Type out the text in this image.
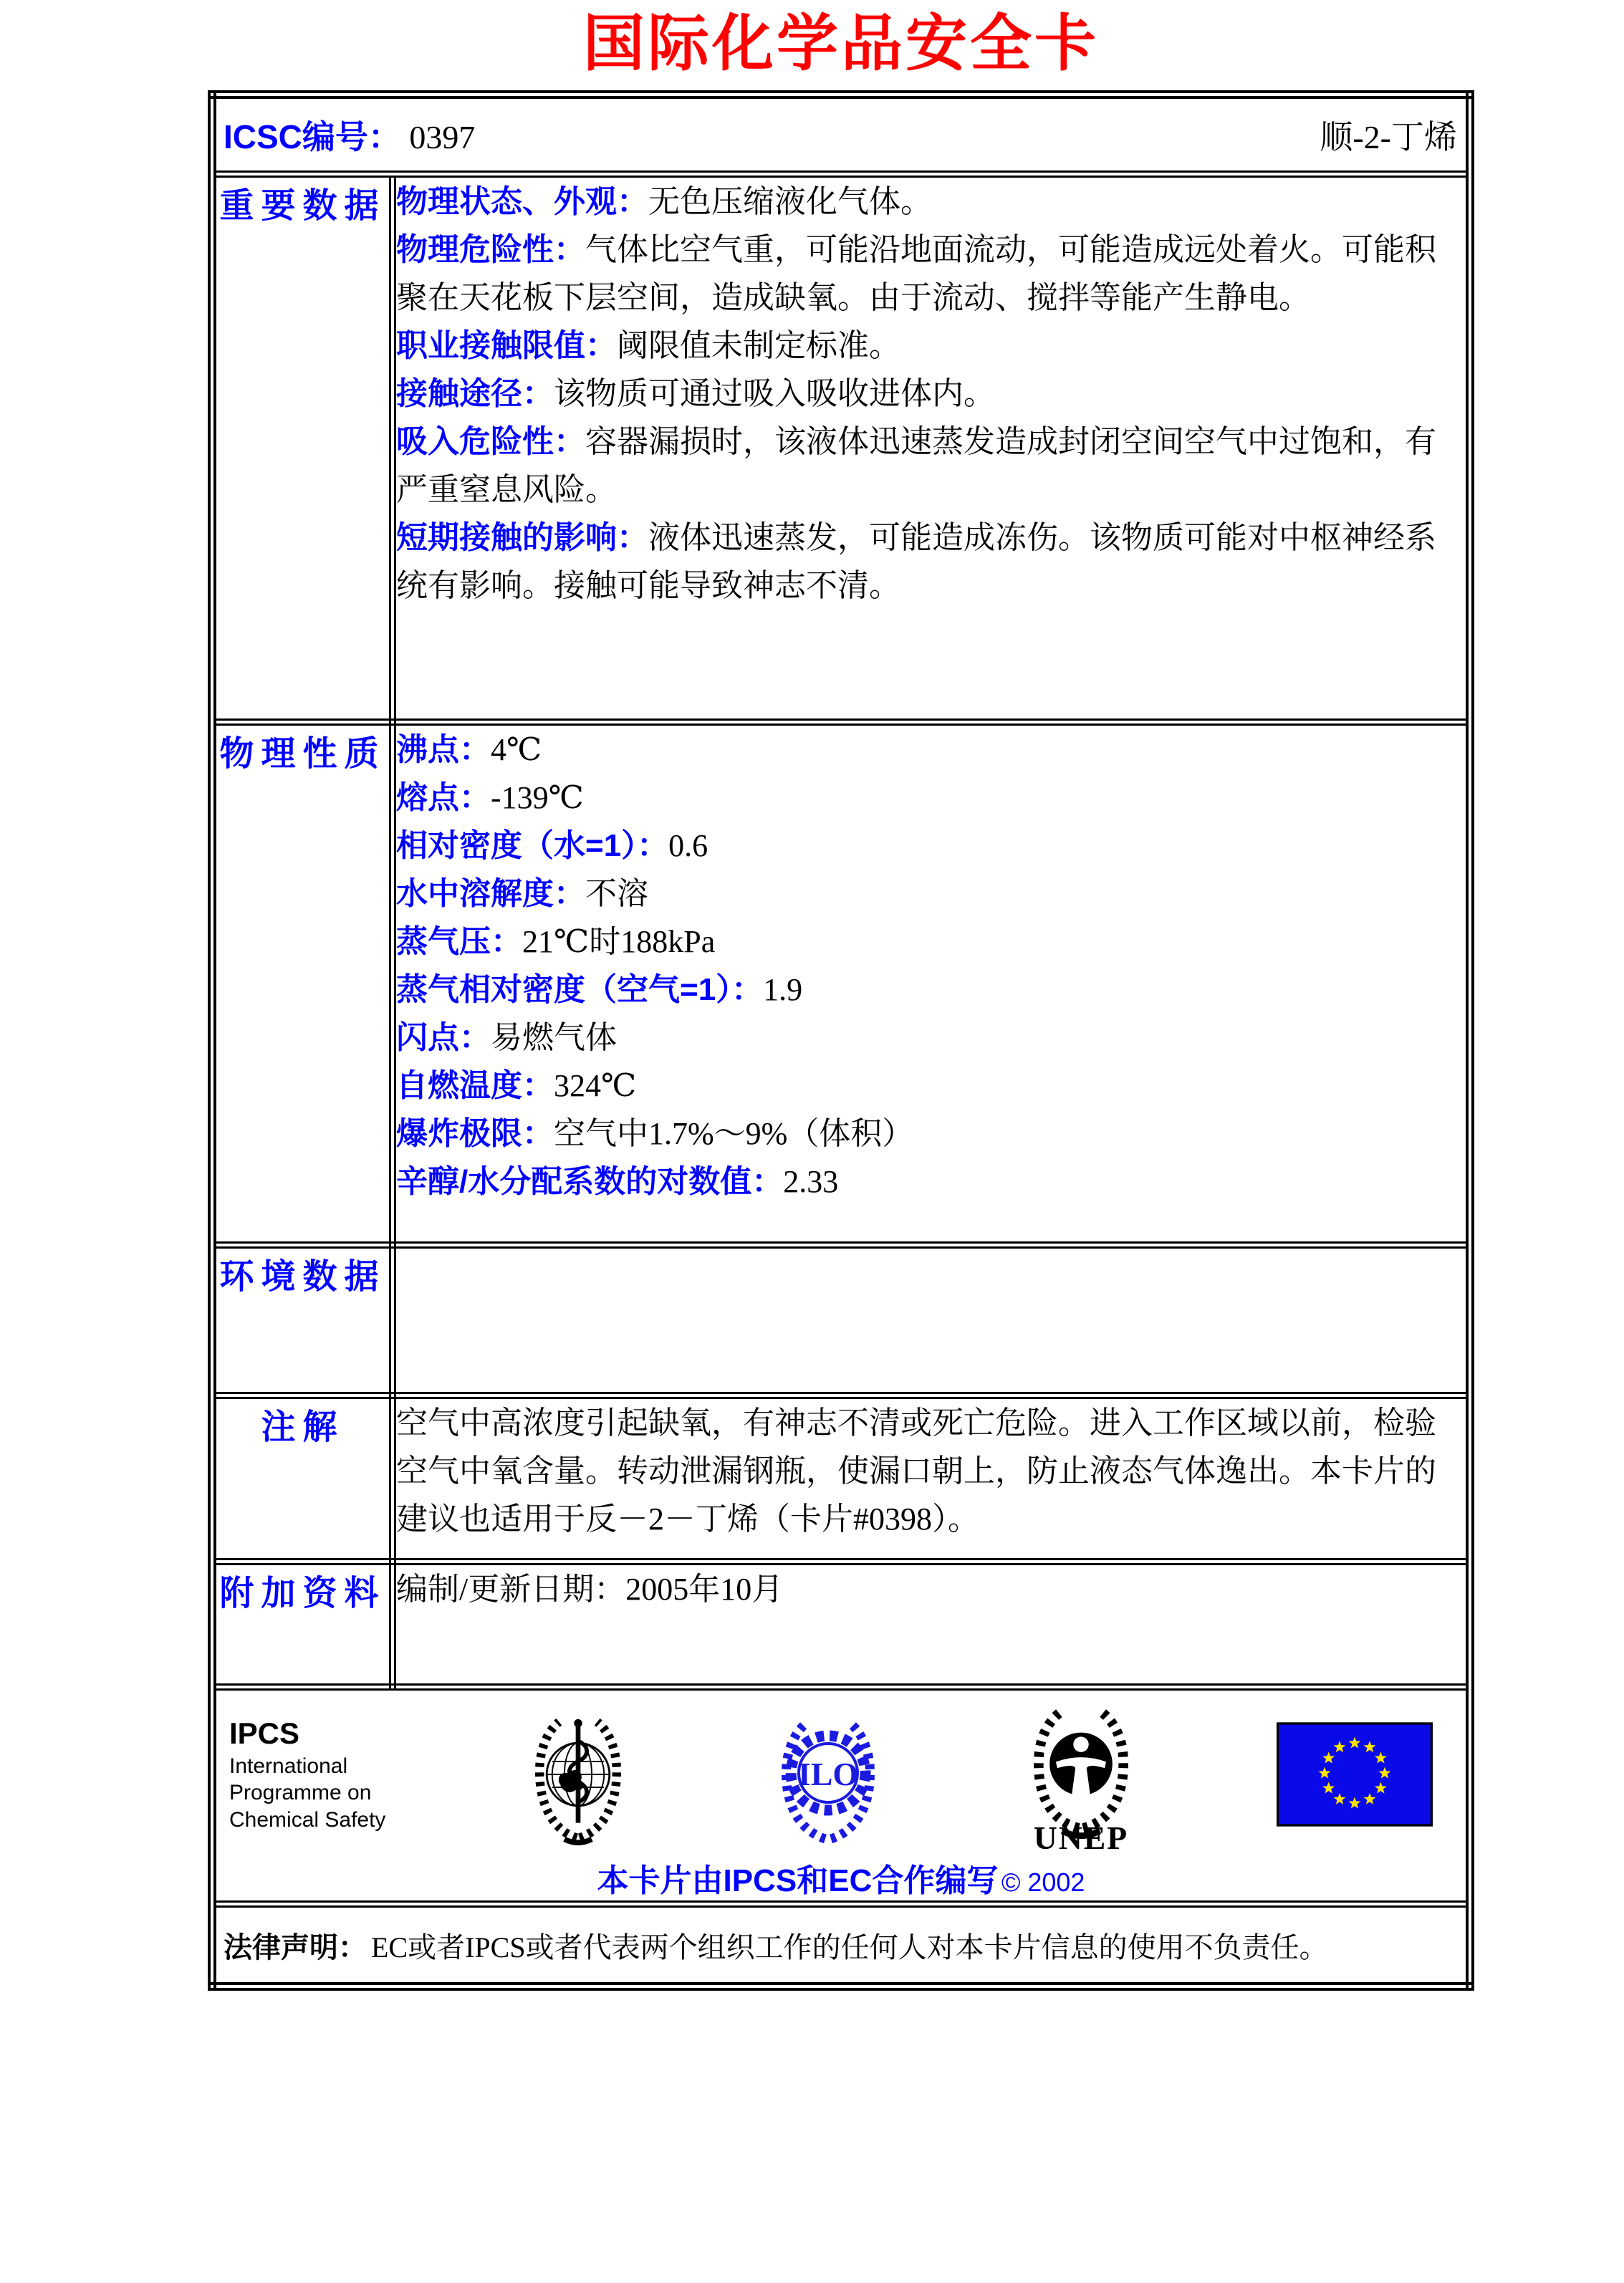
国际化学品安全卡
ICSC编号： 0397 顺-2-丁烯	

重要数据	物理状态、外观：无色压缩液化气体。

物理危险性：气体比空气重，可能沿地面流动，可能造成远处着火。可能积聚在天花板下层空间，造成缺氧。由于流动、搅拌等能产生静电。

职业接触限值：阈限值未制定标准。

接触途径：该物质可通过吸入吸收进体内。

吸入危险性：容器漏损时，该液体迅速蒸发造成封闭空间空气中过饱和，有严重窒息风险。

短期接触的影响：液体迅速蒸发，可能造成冻伤。该物质可能对中枢神经系统有影响。接触可能导致神志不清。

物理性质	沸点：4℃

熔点：-139℃

相对密度（水=1）：0.6

水中溶解度：不溶

蒸气压：21℃时188kPa

蒸气相对密度（空气=1）：1.9

闪点：易燃气体

自燃温度：324℃

爆炸极限：空气中1.7%～9%（体积）

辛醇/水分配系数的对数值：2.33

环境数据	

注解	空气中高浓度引起缺氧，有神志不清或死亡危险。进入工作区域以前，检验空气中氧含量。转动泄漏钢瓶，使漏口朝上，防止液态气体逸出。本卡片的建议也适用于反－2－丁烯（卡片#0398）。

附加资料	编制/更新日期：2005年10月

IPCS
International
Programme on
Chemical Safety
ILO
UNEP
本卡片由IPCS和EC合作编写 © 2002

法律声明： EC或者IPCS或者代表两个组织工作的任何人对本卡片信息的使用不负责任。	
